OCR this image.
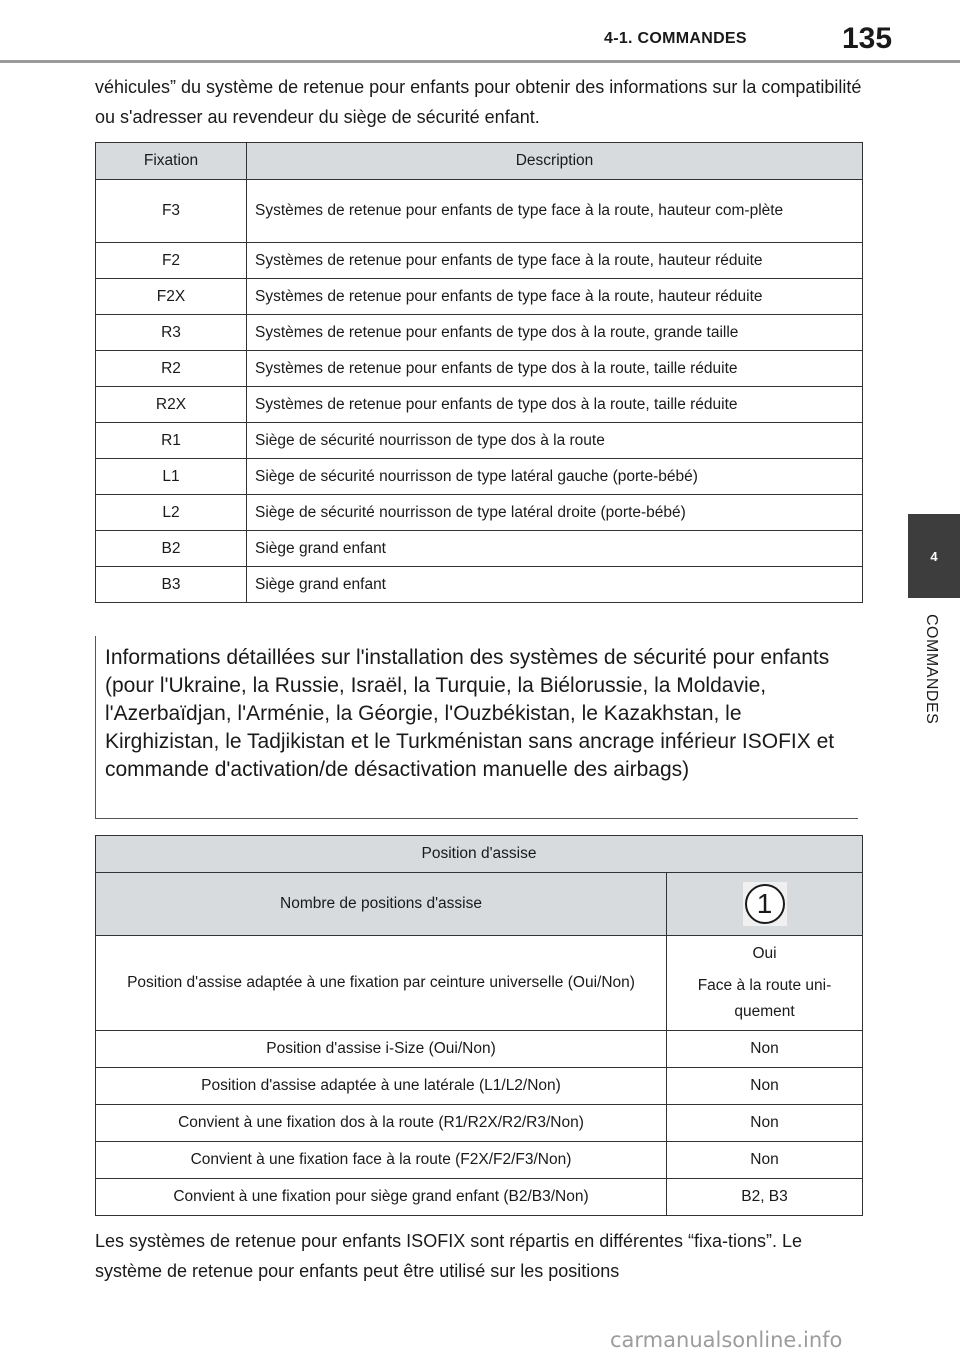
4-1. COMMANDES	135
4
COMMANDES

véhicules” du système de retenue pour enfants pour obtenir des informations sur la compatibilité ou s'adresser au revendeur du siège de sécurité enfant.

Fixation	Description
F3	Systèmes de retenue pour enfants de type face à la route, hauteur com-plète
F2	Systèmes de retenue pour enfants de type face à la route, hauteur réduite
F2X	Systèmes de retenue pour enfants de type face à la route, hauteur réduite
R3	Systèmes de retenue pour enfants de type dos à la route, grande taille
R2	Systèmes de retenue pour enfants de type dos à la route, taille réduite
R2X	Systèmes de retenue pour enfants de type dos à la route, taille réduite
R1	Siège de sécurité nourrisson de type dos à la route
L1	Siège de sécurité nourrisson de type latéral gauche (porte-bébé)
L2	Siège de sécurité nourrisson de type latéral droite (porte-bébé)
B2	Siège grand enfant
B3	Siège grand enfant
Informations détaillées sur l'installation des systèmes de sécurité pour enfants (pour l'Ukraine, la Russie, Israël, la Turquie, la Biélorussie, la Moldavie, l'Azerbaïdjan, l'Arménie, la Géorgie, l'Ouzbékistan, le Kazakhstan, le Kirghizistan, le Tadjikistan et le Turkménistan sans ancrage inférieur ISOFIX et commande d'activation/de désactivation manuelle des airbags)
Position d'assise	
Nombre de positions d'assise	1
Position d'assise adaptée à une fixation par ceinture universelle (Oui/Non)	Oui
Face à la route uni-quement

Position d'assise i-Size (Oui/Non)	Non
Position d'assise adaptée à une latérale (L1/L2/Non)	Non
Convient à une fixation dos à la route (R1/R2X/R2/R3/Non)	Non
Convient à une fixation face à la route (F2X/F2/F3/Non)	Non
Convient à une fixation pour siège grand enfant (B2/B3/Non)	B2, B3

Les systèmes de retenue pour enfants ISOFIX sont répartis en différentes “fixa-tions”. Le système de retenue pour enfants peut être utilisé sur les positions

carmanualsonline.info
